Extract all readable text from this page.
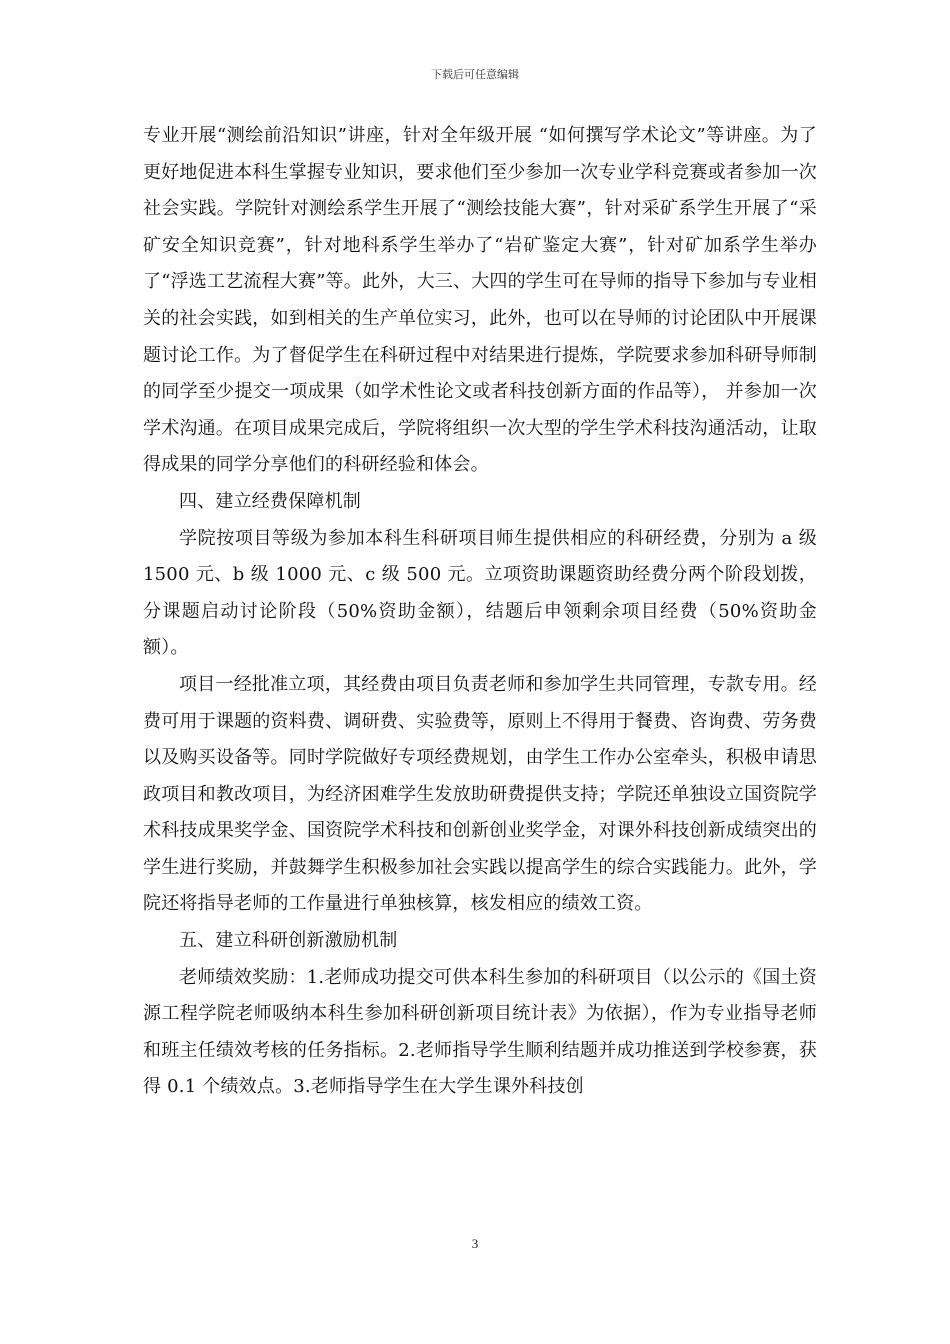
下载后可任意编辑

专业开展“测绘前沿知识”讲座，针对全年级开展 “如何撰写学术论文”等讲座。为了更好地促进本科生掌握专业知识，要求他们至少参加一次专业学科竞赛或者参加一次社会实践。学院针对测绘系学生开展了“测绘技能大赛”，针对采矿系学生开展了“采矿安全知识竞赛”，针对地科系学生举办了“岩矿鉴定大赛”，针对矿加系学生举办了“浮选工艺流程大赛”等。此外，大三、大四的学生可在导师的指导下参加与专业相关的社会实践，如到相关的生产单位实习，此外，也可以在导师的讨论团队中开展课题讨论工作。为了督促学生在科研过程中对结果进行提炼，学院要求参加科研导师制的同学至少提交一项成果（如学术性论文或者科技创新方面的作品等）， 并参加一次学术沟通。在项目成果完成后，学院将组织一次大型的学生学术科技沟通活动，让取得成果的同学分享他们的科研经验和体会。

四、建立经费保障机制

学院按项目等级为参加本科生科研项目师生提供相应的科研经费，分别为 a 级 1500 元、b 级 1000 元、c 级 500 元。立项资助课题资助经费分两个阶段划拨，分课题启动讨论阶段（50%资助金额），结题后申领剩余项目经费（50%资助金额）。

项目一经批准立项，其经费由项目负责老师和参加学生共同管理，专款专用。经费可用于课题的资料费、调研费、实验费等，原则上不得用于餐费、咨询费、劳务费以及购买设备等。同时学院做好专项经费规划，由学生工作办公室牵头，积极申请思政项目和教改项目，为经济困难学生发放助研费提供支持；学院还单独设立国资院学术科技成果奖学金、国资院学术科技和创新创业奖学金，对课外科技创新成绩突出的学生进行奖励，并鼓舞学生积极参加社会实践以提高学生的综合实践能力。此外，学院还将指导老师的工作量进行单独核算，核发相应的绩效工资。

五、建立科研创新激励机制

老师绩效奖励：1.老师成功提交可供本科生参加的科研项目（以公示的《国土资源工程学院老师吸纳本科生参加科研创新项目统计表》为依据），作为专业指导老师和班主任绩效考核的任务指标。2.老师指导学生顺利结题并成功推送到学校参赛，获得 0.1 个绩效点。3.老师指导学生在大学生课外科技创

3
